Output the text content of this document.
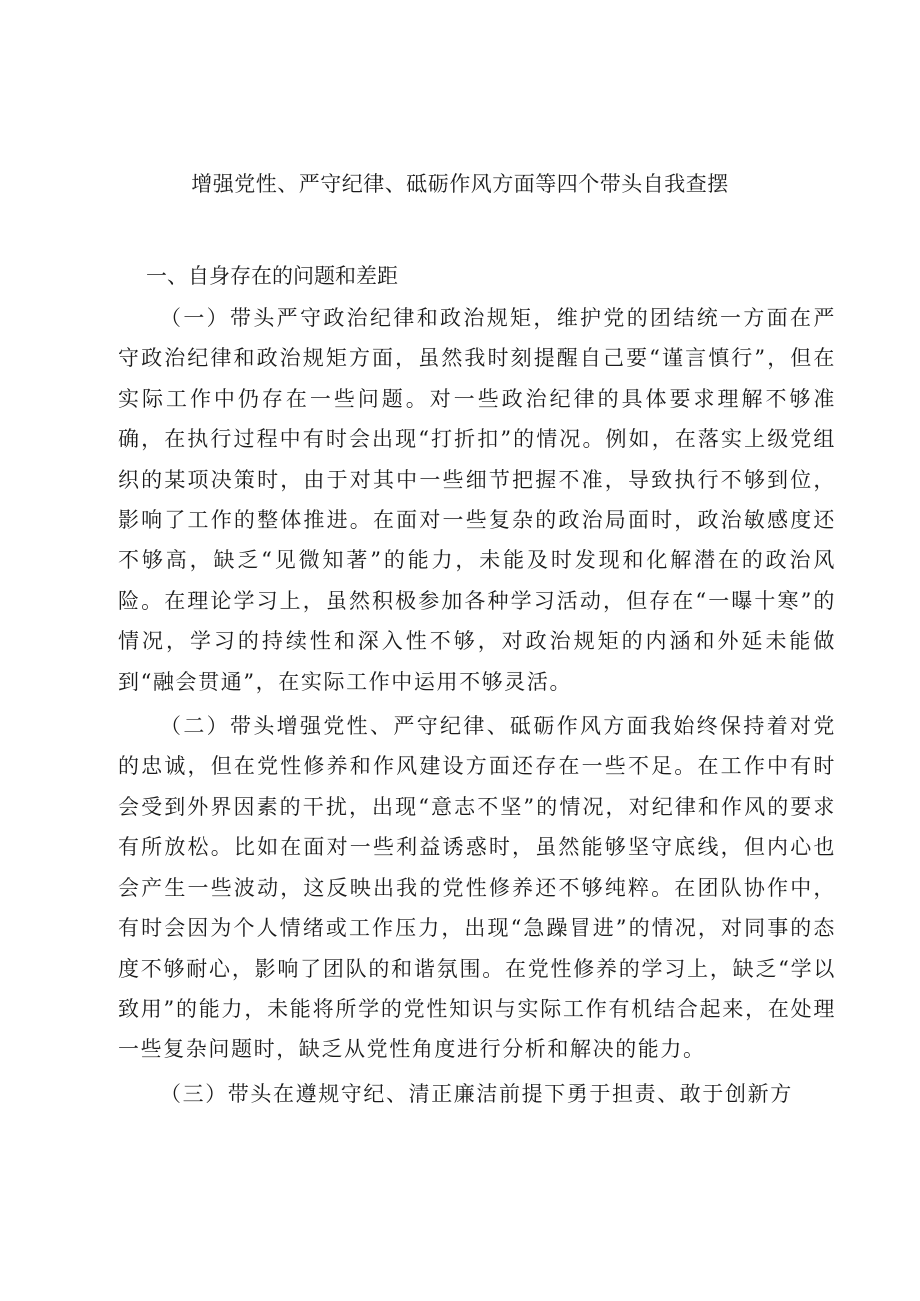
增强党性、严守纪律、砥砺作风方面等四个带头自我查摆
一、自身存在的问题和差距

（一）带头严守政治纪律和政治规矩，维护党的团结统一方面在严守政治纪律和政治规矩方面，虽然我时刻提醒自己要“谨言慎行”，但在实际工作中仍存在一些问题。对一些政治纪律的具体要求理解不够准确，在执行过程中有时会出现“打折扣”的情况。例如，在落实上级党组织的某项决策时，由于对其中一些细节把握不准，导致执行不够到位，影响了工作的整体推进。在面对一些复杂的政治局面时，政治敏感度还不够高，缺乏“见微知著”的能力，未能及时发现和化解潜在的政治风险。在理论学习上，虽然积极参加各种学习活动，但存在“一曝十寒”的情况，学习的持续性和深入性不够，对政治规矩的内涵和外延未能做到“融会贯通”，在实际工作中运用不够灵活。

（二）带头增强党性、严守纪律、砥砺作风方面我始终保持着对党的忠诚，但在党性修养和作风建设方面还存在一些不足。在工作中有时会受到外界因素的干扰，出现“意志不坚”的情况，对纪律和作风的要求有所放松。比如在面对一些利益诱惑时，虽然能够坚守底线，但内心也会产生一些波动，这反映出我的党性修养还不够纯粹。在团队协作中，有时会因为个人情绪或工作压力，出现“急躁冒进”的情况，对同事的态度不够耐心，影响了团队的和谐氛围。在党性修养的学习上，缺乏“学以致用”的能力，未能将所学的党性知识与实际工作有机结合起来，在处理一些复杂问题时，缺乏从党性角度进行分析和解决的能力。

（三）带头在遵规守纪、清正廉洁前提下勇于担责、敢于创新方
